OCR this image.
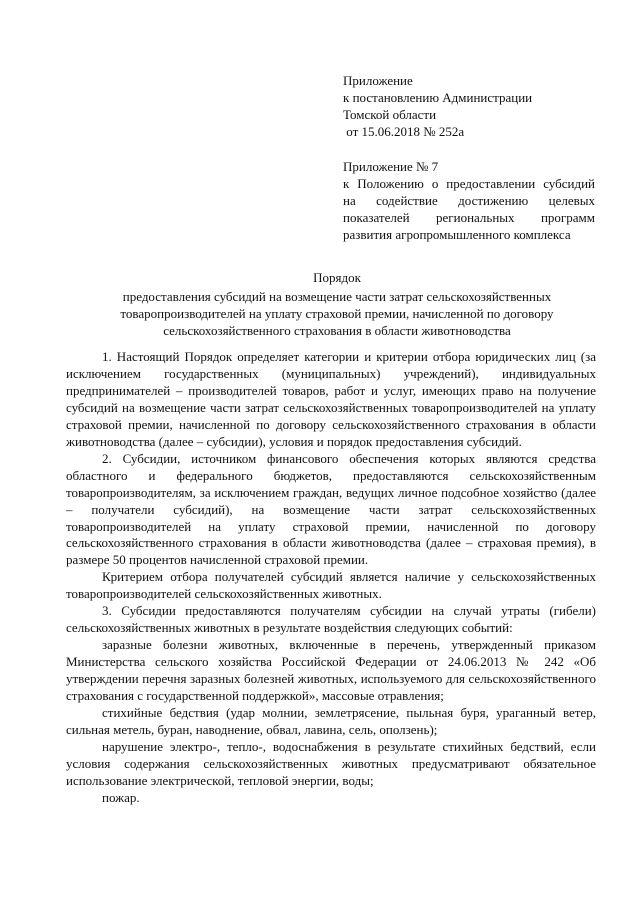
Приложение
к постановлению Администрации
Томской области
от 15.06.2018 № 252а
Приложение № 7
к Положению о предоставлении субсидий
на содействие достижению целевых
показателей региональных программ
развития агропромышленного комплекса
Порядок
предоставления субсидий на возмещение части затрат сельскохозяйственных
товаропроизводителей на уплату страховой премии, начисленной по договору
сельскохозяйственного страхования в области животноводства

1. Настоящий Порядок определяет категории и критерии отбора юридических лиц (за исключением государственных (муниципальных) учреждений), индивидуальных предпринимателей – производителей товаров, работ и услуг, имеющих право на получение субсидий на возмещение части затрат сельскохозяйственных товаропроизводителей на уплату страховой премии, начисленной по договору сельскохозяйственного страхования в области животноводства (далее – субсидии), условия и порядок предоставления субсидий.

2. Субсидии, источником финансового обеспечения которых являются средства областного и федерального бюджетов, предоставляются сельскохозяйственным товаропроизводителям, за исключением граждан, ведущих личное подсобное хозяйство (далее – получатели субсидий), на возмещение части затрат сельскохозяйственных товаропроизводителей на уплату страховой премии, начисленной по договору сельскохозяйственного страхования в области животноводства (далее – страховая премия), в размере 50 процентов начисленной страховой премии.

Критерием отбора получателей субсидий является наличие у сельскохозяйственных товаропроизводителей сельскохозяйственных животных.

3. Субсидии предоставляются получателям субсидии на случай утраты (гибели) сельскохозяйственных животных в результате воздействия следующих событий:

заразные болезни животных, включенные в перечень, утвержденный приказом Министерства сельского хозяйства Российской Федерации от 24.06.2013 № 242 «Об утверждении перечня заразных болезней животных, используемого для сельскохозяйственного страхования с государственной поддержкой», массовые отравления;

стихийные бедствия (удар молнии, землетрясение, пыльная буря, ураганный ветер, сильная метель, буран, наводнение, обвал, лавина, сель, оползень);

нарушение электро-, тепло-, водоснабжения в результате стихийных бедствий, если условия содержания сельскохозяйственных животных предусматривают обязательное использование электрической, тепловой энергии, воды;

пожар.
